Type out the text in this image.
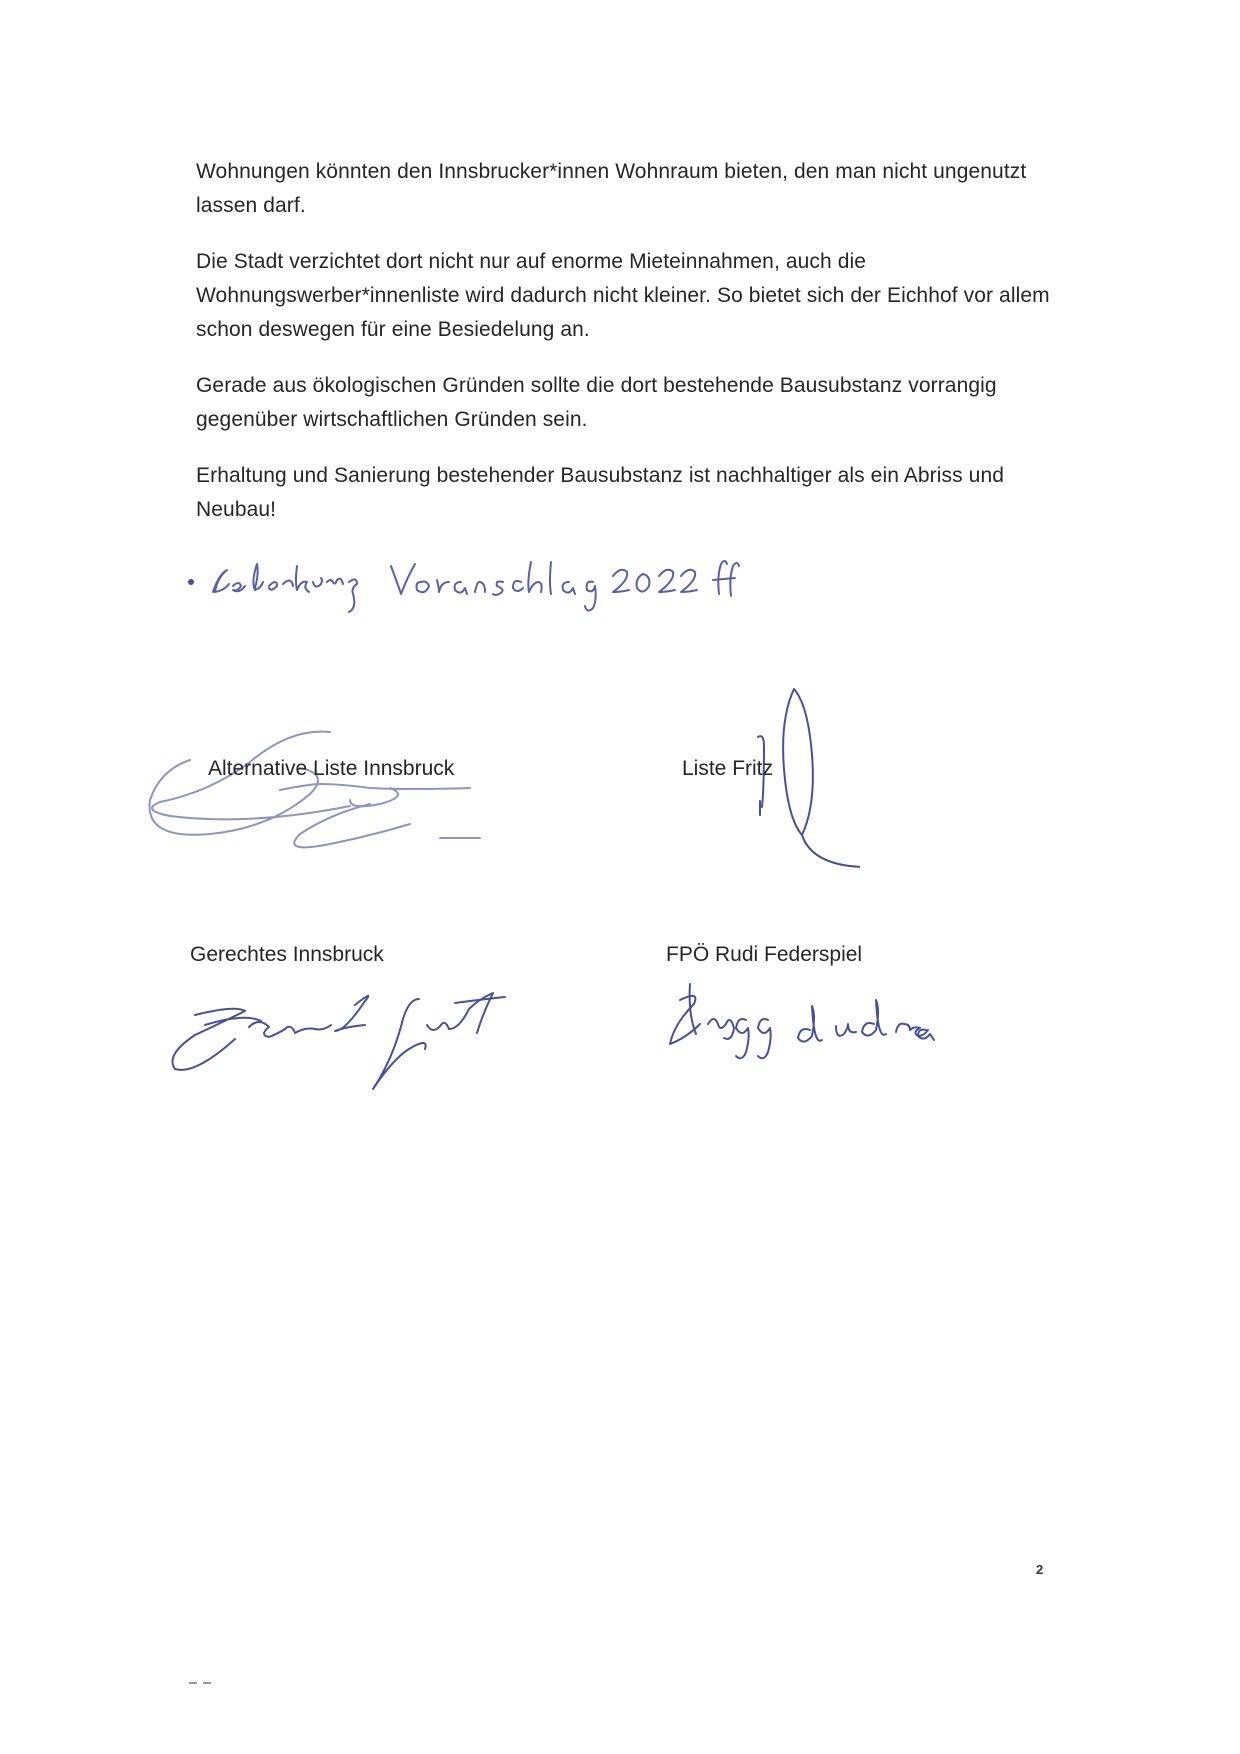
Wohnungen könnten den Innsbrucker*innen Wohnraum bieten, den man nicht ungenutzt lassen darf.

Die Stadt verzichtet dort nicht nur auf enorme Mieteinnahmen, auch die Wohnungswerber*innenliste wird dadurch nicht kleiner. So bietet sich der Eichhof vor allem schon deswegen für eine Besiedelung an.

Gerade aus ökologischen Gründen sollte die dort bestehende Bausubstanz vorrangig gegenüber wirtschaftlichen Gründen sein.

Erhaltung und Sanierung bestehender Bausubstanz ist nachhaltiger als ein Abriss und Neubau!

Alternative Liste Innsbruck	Liste Fritz
Gerechtes Innsbruck	FPÖ Rudi Federspiel
2
